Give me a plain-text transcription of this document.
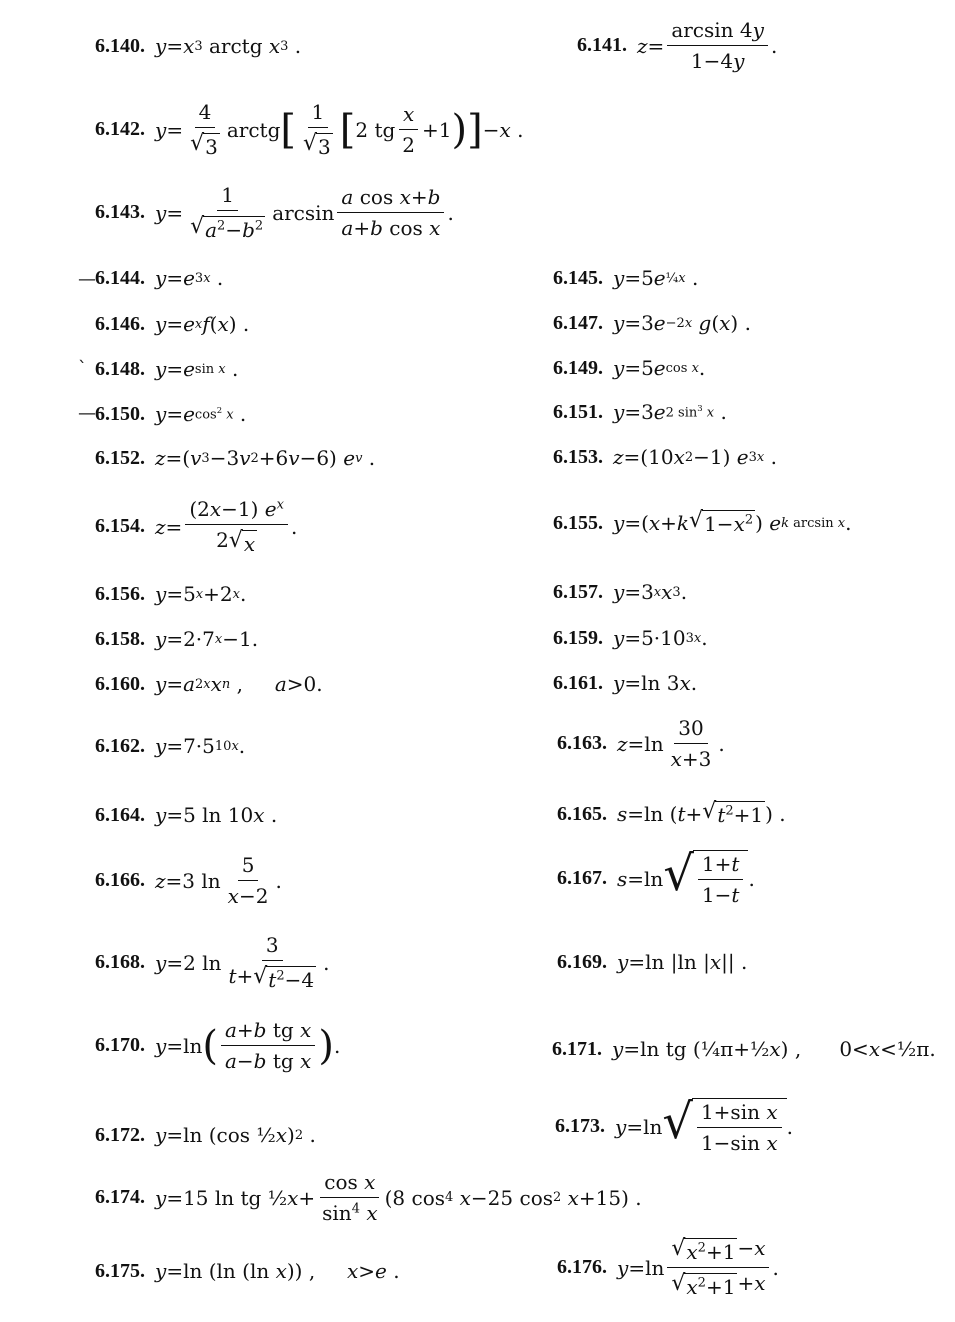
—
ˋ
—
6.140. y = x 3 arctg x 3 .	6.141. $z = \frac{\arcsin 4y}{1-4y}$ .
6.142. $y = \frac{4}{√ 3}$ arctg [ $\frac{1}{√ 3}$ [ 2 tg $\frac{x}{2} +1$ ) ] − x .
6.143. $y = \frac{1}{√ a^2-b^2}$ $\arcsin \frac{\text{a cos x+b}}{\text{a+b cos x}}$ .
6.144. y = e 3x .	6.145. y =5 e ¼x .
6.146. y = e x f ( x ) .	6.147. y =3 e −2x
g ( x ) .
6.148. y = e sin x .	6.149. y =5 e cos x .
6.150. y = e $\cos^2 x$ .	6.151. y =3 e 2 $\sin^3 x$ .
6.152. z =( v 3 −3 v 2 +6 v −6) e v .	6.153. z =(10 x 2 −1) e 3x .
6.154. $z = \frac{(2x-1) e^x}{2 √ x}$ .	6.155. y =( x + k √ $1-x^2$ ) e k arcsin x .
6.156. y =5 x +2 x .	6.157. y =3 x x 3 .
6.158. y =2·7 x −1.	6.159. y =5·10 3x .
6.160. y = a 2x x n , a >0.	6.161. y =ln 3 x .
6.162. y =7·5 10x .	6.163. $z =\ln \frac{30}{x+3}$ .
6.164. y =5 ln 10 x .	6.165. s =ln ( t + √ $t^2+1$ ) .
6.166. z =3 $\ln \frac{5}{x-2}$ .	6.167. s =ln √ $\frac{1+t}{1-t}$ .
6.168. y =2 $\ln \frac{3}{t+ √ t^2-4}$ .	6.169. y =ln |ln | x || .
6.170. y =ln ( $\frac{\text{a+b tg x}}{\text{a−b tg x}}$ ) .	6.171. y =ln tg (¼π+½ x ) ,      0< x <½π.
6.172. y =ln (cos ½ x ) 2 .	6.173. y =ln √ $\frac{\text{1+sin x}}{\text{1−sin x}}$ .
6.174. y =15 ln tg ½ $x + \frac{\text{cos x}}{\sin^4 x} (8$ cos 4
x −25 cos 2
x +15) .
6.175. y =ln (ln (ln x )) , x > e .	6.176. $y =\ln \frac{√ x^2+1 -x}{√ x^2+1 +x}$ .
